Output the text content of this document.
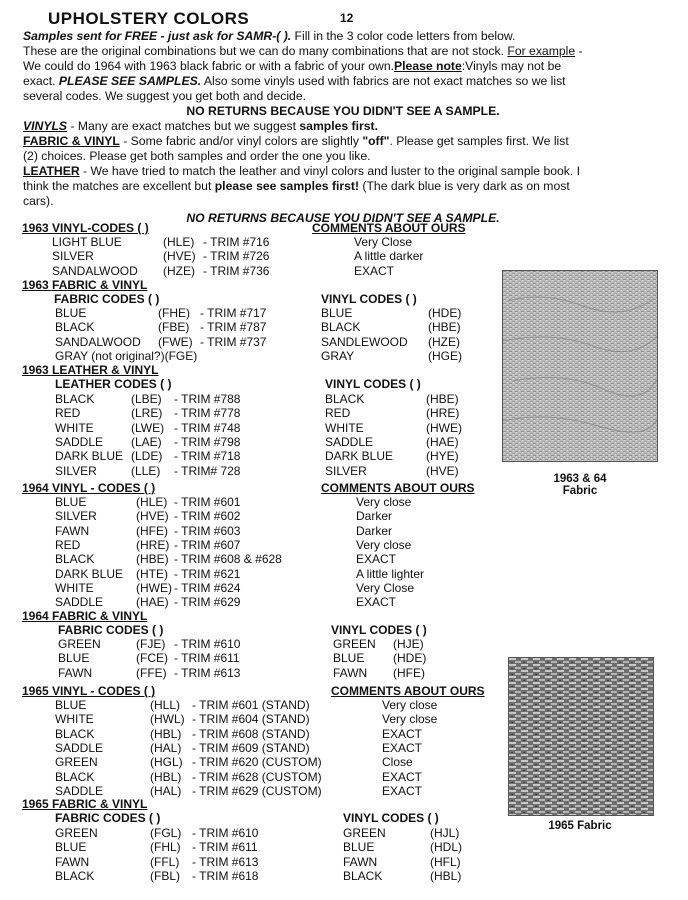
UPHOLSTERY COLORS	12

Samples sent for FREE - just ask for SAMR-( ). Fill in the 3 color code letters from below.

These are the original combinations but we can do many combinations that are not stock. For example -

We could do 1964 with 1963 black fabric or with a fabric of your own.Please note:Vinyls may not be

exact. PLEASE SEE SAMPLES. Also some vinyls used with fabrics are not exact matches so we list

several codes. We suggest you get both and decide.

NO RETURNS BECAUSE YOU DIDN'T SEE A SAMPLE.

VINYLS - Many are exact matches but we suggest samples first.

FABRIC & VINYL - Some fabric and/or vinyl colors are slightly "off". Please get samples first. We list

(2) choices. Please get both samples and order the one you like.

LEATHER - We have tried to match the leather and vinyl colors and luster to the original sample book. I

think the matches are excellent but please see samples first! (The dark blue is very dark as on most

cars).

NO RETURNS BECAUSE YOU DIDN'T SEE A SAMPLE.

1963 VINYL-CODES ( )	COMMENTS ABOUT OURS
LIGHT BLUE	(HLE) - TRIM #716	Very Close
SILVER	(HVE) - TRIM #726	A little darker
SANDALWOOD (HZE) - TRIM #736	EXACT
1963 FABRIC & VINYL
FABRIC CODES ( )	VINYL CODES ( )
BLUE	(FHE) - TRIM #717	BLUE	(HDE)
BLACK	(FBE) - TRIM #787	BLACK	(HBE)
SANDALWOOD (FWE) - TRIM #737	SANDLEWOOD (HZE)
GRAY (not original?)(FGE)	GRAY	(HGE)
1963 LEATHER & VINYL
LEATHER CODES ( )	VINYL CODES ( )
BLACK	(LBE) - TRIM #788	BLACK	(HBE)
RED	(LRE) - TRIM #778	RED	(HRE)
WHITE	(LWE) - TRIM #748	WHITE	(HWE)
SADDLE (LAE) - TRIM #798	SADDLE	(HAE)
DARK BLUE (LDE) - TRIM #718	DARK BLUE	(HYE)
SILVER	(LLE) - TRIM# 728	SILVER	(HVE)
1964 VINYL - CODES ( )	COMMENTS ABOUT OURS
BLUE	(HLE) - TRIM #601	Very close
SILVER	(HVE) - TRIM #602	Darker
FAWN	(HFE) - TRIM #603	Darker
RED	(HRE) - TRIM #607	Very close
BLACK	(HBE) - TRIM #608 & #628	EXACT
DARK BLUE (HTE) - TRIM #621	A little lighter
WHITE	(HWE) - TRIM #624	Very Close
SADDLE	(HAE) - TRIM #629	EXACT
1964 FABRIC & VINYL
FABRIC CODES ( )	VINYL CODES ( )
GREEN	(FJE) - TRIM #610	GREEN (HJE)
BLUE	(FCE) - TRIM #611	BLUE (HDE)
FAWN	(FFE) - TRIM #613	FAWN (HFE)
1965 VINYL - CODES ( )	COMMENTS ABOUT OURS
BLUE	(HLL) - TRIM #601 (STAND)	Very close
WHITE	(HWL) - TRIM #604 (STAND)	Very close
BLACK	(HBL) - TRIM #608 (STAND)	EXACT
SADDLE	(HAL) - TRIM #609 (STAND)	EXACT
GREEN	(HGL) - TRIM #620 (CUSTOM)	Close
BLACK	(HBL) - TRIM #628 (CUSTOM)	EXACT
SADDLE	(HAL) - TRIM #629 (CUSTOM)	EXACT
1965 FABRIC & VINYL
FABRIC CODES ( )	VINYL CODES ( )
GREEN	(FGL) - TRIM #610	GREEN	(HJL)
BLUE	(FHL) - TRIM #611	BLUE	(HDL)
FAWN	(FFL) - TRIM #613	FAWN	(HFL)
BLACK	(FBL) - TRIM #618	BLACK	(HBL)
1963 & 64
Fabric
1965 Fabric
